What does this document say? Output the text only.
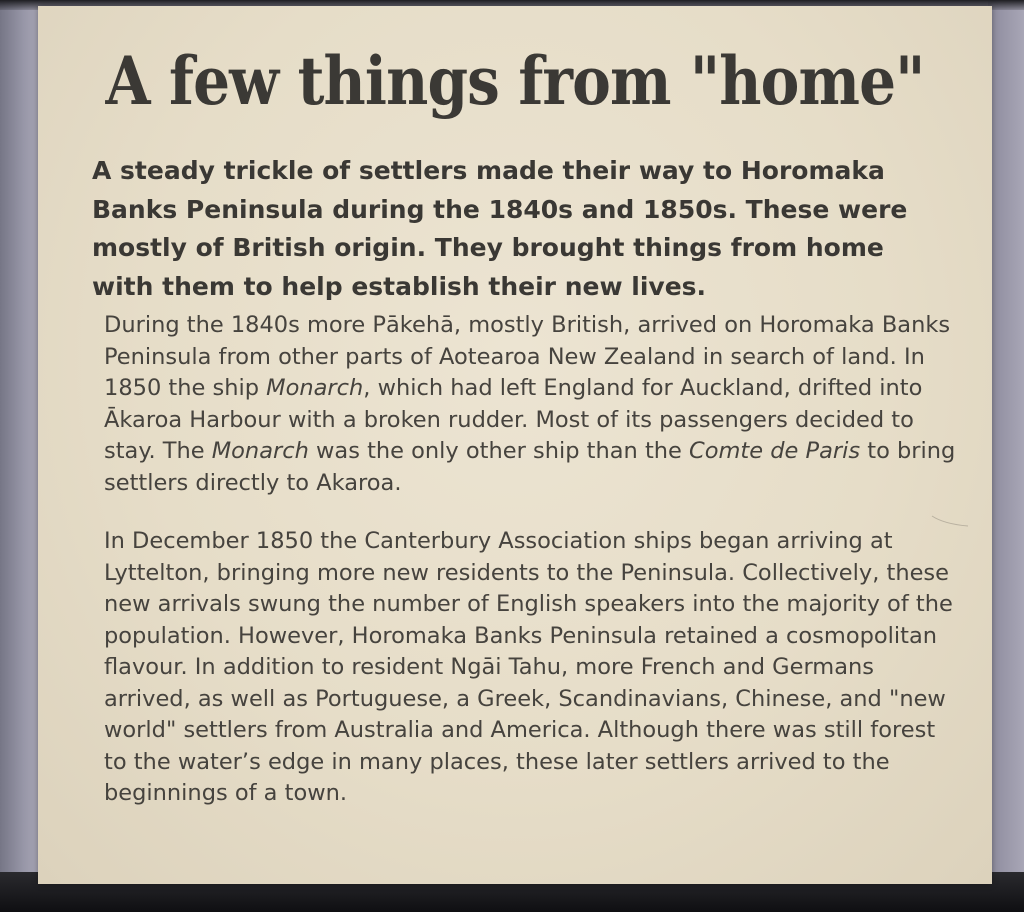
A few things from "home"
A steady trickle of settlers made their way to Horomaka Banks Peninsula during the 1840s and 1850s. These were mostly of British origin. They brought things from home with them to help establish their new lives.
During the 1840s more Pākehā, mostly British, arrived on Horomaka Banks Peninsula from other parts of Aotearoa New Zealand in search of land. In 1850 the ship Monarch, which had left England for Auckland, drifted into Ākaroa Harbour with a broken rudder. Most of its passengers decided to stay. The Monarch was the only other ship than the Comte de Paris to bring settlers directly to Akaroa.
In December 1850 the Canterbury Association ships began arriving at Lyttelton, bringing more new residents to the Peninsula. Collectively, these new arrivals swung the number of English speakers into the majority of the population. However, Horomaka Banks Peninsula retained a cosmopolitan flavour. In addition to resident Ngāi Tahu, more French and Germans arrived, as well as Portuguese, a Greek, Scandinavians, Chinese, and "new world" settlers from Australia and America. Although there was still forest to the water’s edge in many places, these later settlers arrived to the beginnings of a town.
